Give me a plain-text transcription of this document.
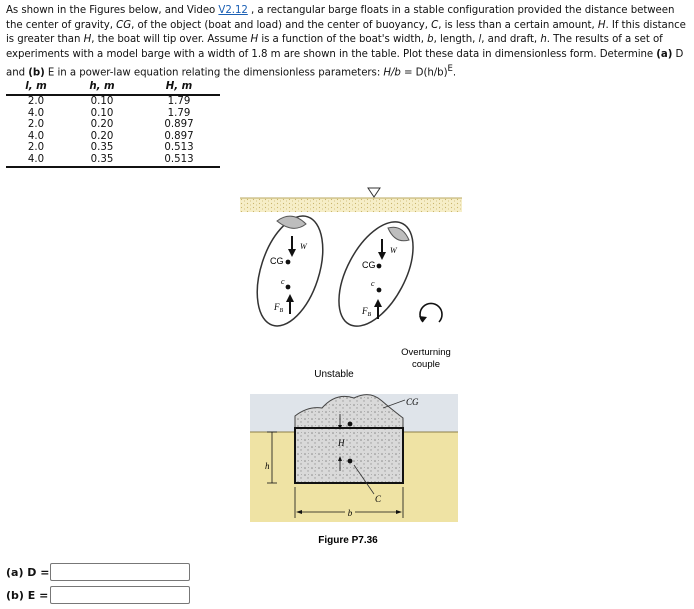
As shown in the Figures below, and Video V2.12 , a rectangular barge floats in a stable configuration provided the distance between the center of gravity, CG, of the object (boat and load) and the center of buoyancy, C, is less than a certain amount, H. If this distance is greater than H, the boat will tip over. Assume H is a function of the boat's width, b, length, l, and draft, h. The results of a set of experiments with a model barge with a width of 1.8 m are shown in the table. Plot these data in dimensionless form. Determine (a) D and (b) E in a power-law equation relating the dimensionless parameters: $H/b = D(h/b)^E$.
l, m	h, m	H, m
2.0	0.10	1.79
4.0	0.10	1.79
2.0	0.20	0.897
4.0	0.20	0.897
2.0	0.35	0.513
4.0	0.35	0.513
CG
W
c
$F_B$
CG
W
c
$F_B$
Overturning
couple
Unstable
CG
H
C
h
b
Figure P7.36
(a) D =
(b) E =
